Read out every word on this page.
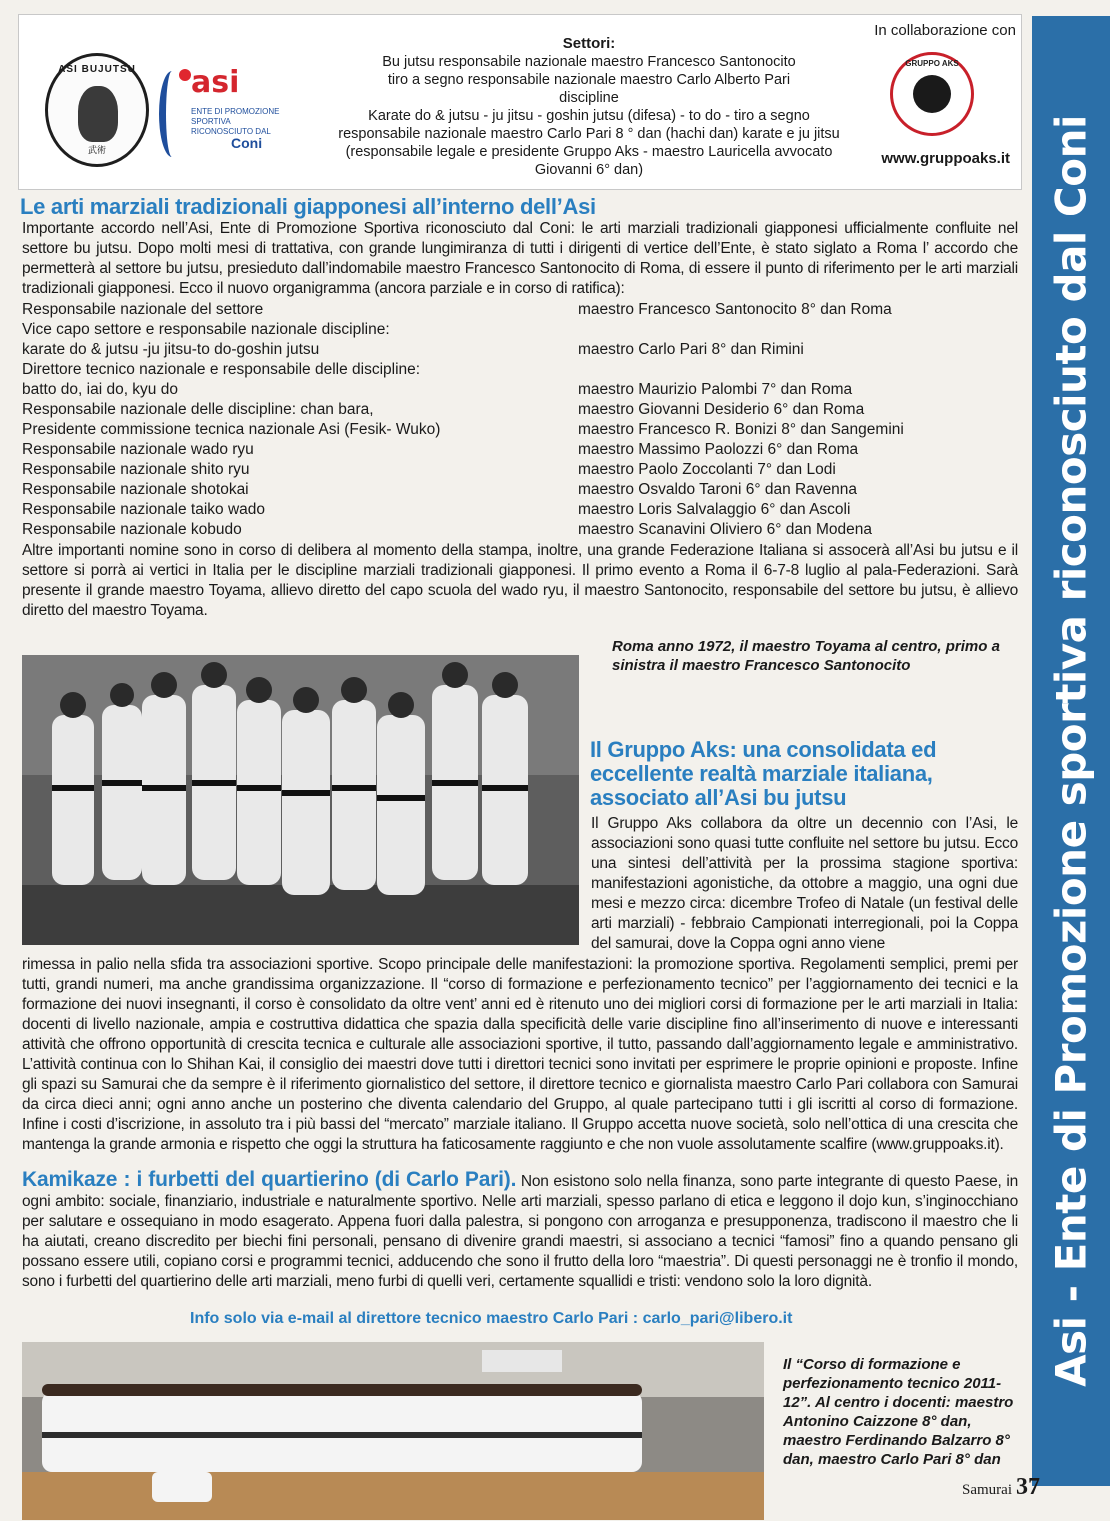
Asi - Ente di Promozione sportiva riconosciuto dal Coni
ASI BUJUTSU
武術
asi
ENTE DI PROMOZIONE SPORTIVA RICONOSCIUTO DAL
Coni
Settori:
Bu jutsu responsabile nazionale maestro Francesco Santonocito
tiro a segno responsabile nazionale maestro Carlo Alberto Pari
discipline
Karate do & jutsu - ju jitsu - goshin jutsu (difesa) - to do - tiro a segno
responsabile nazionale maestro Carlo Pari 8 ° dan (hachi dan) karate e ju jitsu
(responsabile legale e presidente Gruppo Aks - maestro Lauricella avvocato
Giovanni 6° dan)
In collaborazione con
GRUPPO AKS
www.gruppoaks.it
Le arti marziali tradizionali giapponesi all’interno dell’Asi

Importante accordo nell’Asi, Ente di Promozione Sportiva riconosciuto dal Coni: le arti marziali tradizionali giapponesi ufficialmente confluite nel settore bu jutsu. Dopo molti mesi di trattativa, con grande lungimiranza di tutti i dirigenti di vertice dell’Ente, è stato siglato a Roma l’ accordo che permetterà al settore bu jutsu, presieduto dall’indomabile maestro Francesco Santonocito di Roma, di essere il punto di riferimento per le arti marziali tradizionali giapponesi. Ecco il nuovo organigramma (ancora parziale e in corso di ratifica):

Responsabile nazionale del settore	maestro Francesco Santonocito 8° dan Roma
Vice capo settore e responsabile nazionale discipline:
karate do & jutsu -ju jitsu-to do-goshin jutsu	maestro Carlo Pari 8° dan Rimini
Direttore tecnico nazionale e responsabile delle discipline:
batto do, iai do, kyu do	maestro Maurizio Palombi 7° dan Roma
Responsabile nazionale delle discipline: chan bara,	maestro Giovanni Desiderio 6° dan Roma
Presidente commissione tecnica nazionale Asi (Fesik- Wuko)	maestro Francesco R. Bonizi 8° dan Sangemini
Responsabile nazionale wado ryu	maestro Massimo Paolozzi 6° dan Roma
Responsabile nazionale shito ryu	maestro Paolo Zoccolanti 7° dan Lodi
Responsabile nazionale shotokai	maestro Osvaldo Taroni 6° dan Ravenna
Responsabile nazionale taiko wado	maestro Loris Salvalaggio 6° dan Ascoli
Responsabile nazionale kobudo	maestro Scanavini Oliviero 6° dan Modena

Altre importanti nomine sono in corso di delibera al momento della stampa, inoltre, una grande Federazione Italiana si assocerà all’Asi bu jutsu e il settore si porrà ai vertici in Italia per le discipline marziali tradizionali giapponesi. Il primo evento a Roma il 6-7-8 luglio al pala-Federazioni. Sarà presente il grande maestro Toyama, allievo diretto del capo scuola del wado ryu, il maestro Santonocito, responsabile del settore bu jutsu, è allievo diretto del maestro Toyama.

Roma anno 1972, il maestro Toyama al centro, primo a sinistra il maestro Francesco Santonocito
Il Gruppo Aks: una consolidata ed eccellente realtà marziale italiana, associato all’Asi bu jutsu

Il Gruppo Aks collabora da oltre un decennio con l’Asi, le associazioni sono quasi tutte confluite nel settore bu jutsu. Ecco una sintesi dell’attività per la prossima stagione sportiva: manifestazioni agonistiche, da ottobre a maggio, una ogni due mesi e mezzo circa: dicembre Trofeo di Natale (un festival delle arti marziali) - febbraio Campionati interregionali, poi la Coppa del samurai, dove la Coppa ogni anno viene

rimessa in palio nella sfida tra associazioni sportive. Scopo principale delle manifestazioni: la promozione sportiva. Regolamenti semplici, premi per tutti, grandi numeri, ma anche grandissima organizzazione. Il “corso di formazione e perfezionamento tecnico” per l’aggiornamento dei tecnici e la formazione dei nuovi insegnanti, il corso è consolidato da oltre vent’ anni ed è ritenuto uno dei migliori corsi di formazione per le arti marziali in Italia: docenti di livello nazionale, ampia e costruttiva didattica che spazia dalla specificità delle varie discipline fino all’inserimento di nuove e interessanti attività che offrono opportunità di crescita tecnica e culturale alle associazioni sportive, il tutto, passando dall’aggiornamento legale e amministrativo. L’attività continua con lo Shihan Kai, il consiglio dei maestri dove tutti i direttori tecnici sono invitati per esprimere le proprie opinioni e proposte. Infine gli spazi su Samurai che da sempre è il riferimento giornalistico del settore, il direttore tecnico e giornalista maestro Carlo Pari collabora con Samurai da circa dieci anni; ogni anno anche un posterino che diventa calendario del Gruppo, al quale partecipano tutti i gli iscritti al corso di formazione. Infine i costi d’iscrizione, in assoluto tra i più bassi del “mercato” marziale italiano. Il Gruppo accetta nuove società, solo nell’ottica di una crescita che mantenga la grande armonia e rispetto che oggi la struttura ha faticosamente raggiunto e che non vuole assolutamente scalfire (www.gruppoaks.it).

Kamikaze : i furbetti del quartierino (di Carlo Pari). Non esistono solo nella finanza, sono parte integrante di questo Paese, in ogni ambito: sociale, finanziario, industriale e naturalmente sportivo. Nelle arti marziali, spesso parlano di etica e leggono il dojo kun, s’inginocchiano per salutare e ossequiano in modo esagerato. Appena fuori dalla palestra, si pongono con arroganza e presupponenza, tradiscono il maestro che li ha aiutati, creano discredito per biechi fini personali, pensano di divenire grandi maestri, si associano a tecnici “famosi” fino a quando pensano gli possano essere utili, copiano corsi e programmi tecnici, adducendo che sono il frutto della loro “maestria”. Di questi personaggi ne è tronfio il mondo, sono i furbetti del quartierino delle arti marziali, meno furbi di quelli veri, certamente squallidi e tristi: vendono solo la loro dignità.

Info solo via e-mail al direttore tecnico maestro Carlo Pari : carlo_pari@libero.it
Il “Corso di formazione e perfezionamento tecnico 2011-12”. Al centro i docenti: maestro Antonino Caizzone 8° dan, maestro Ferdinando Balzarro 8° dan, maestro Carlo Pari 8° dan
Samurai 37
